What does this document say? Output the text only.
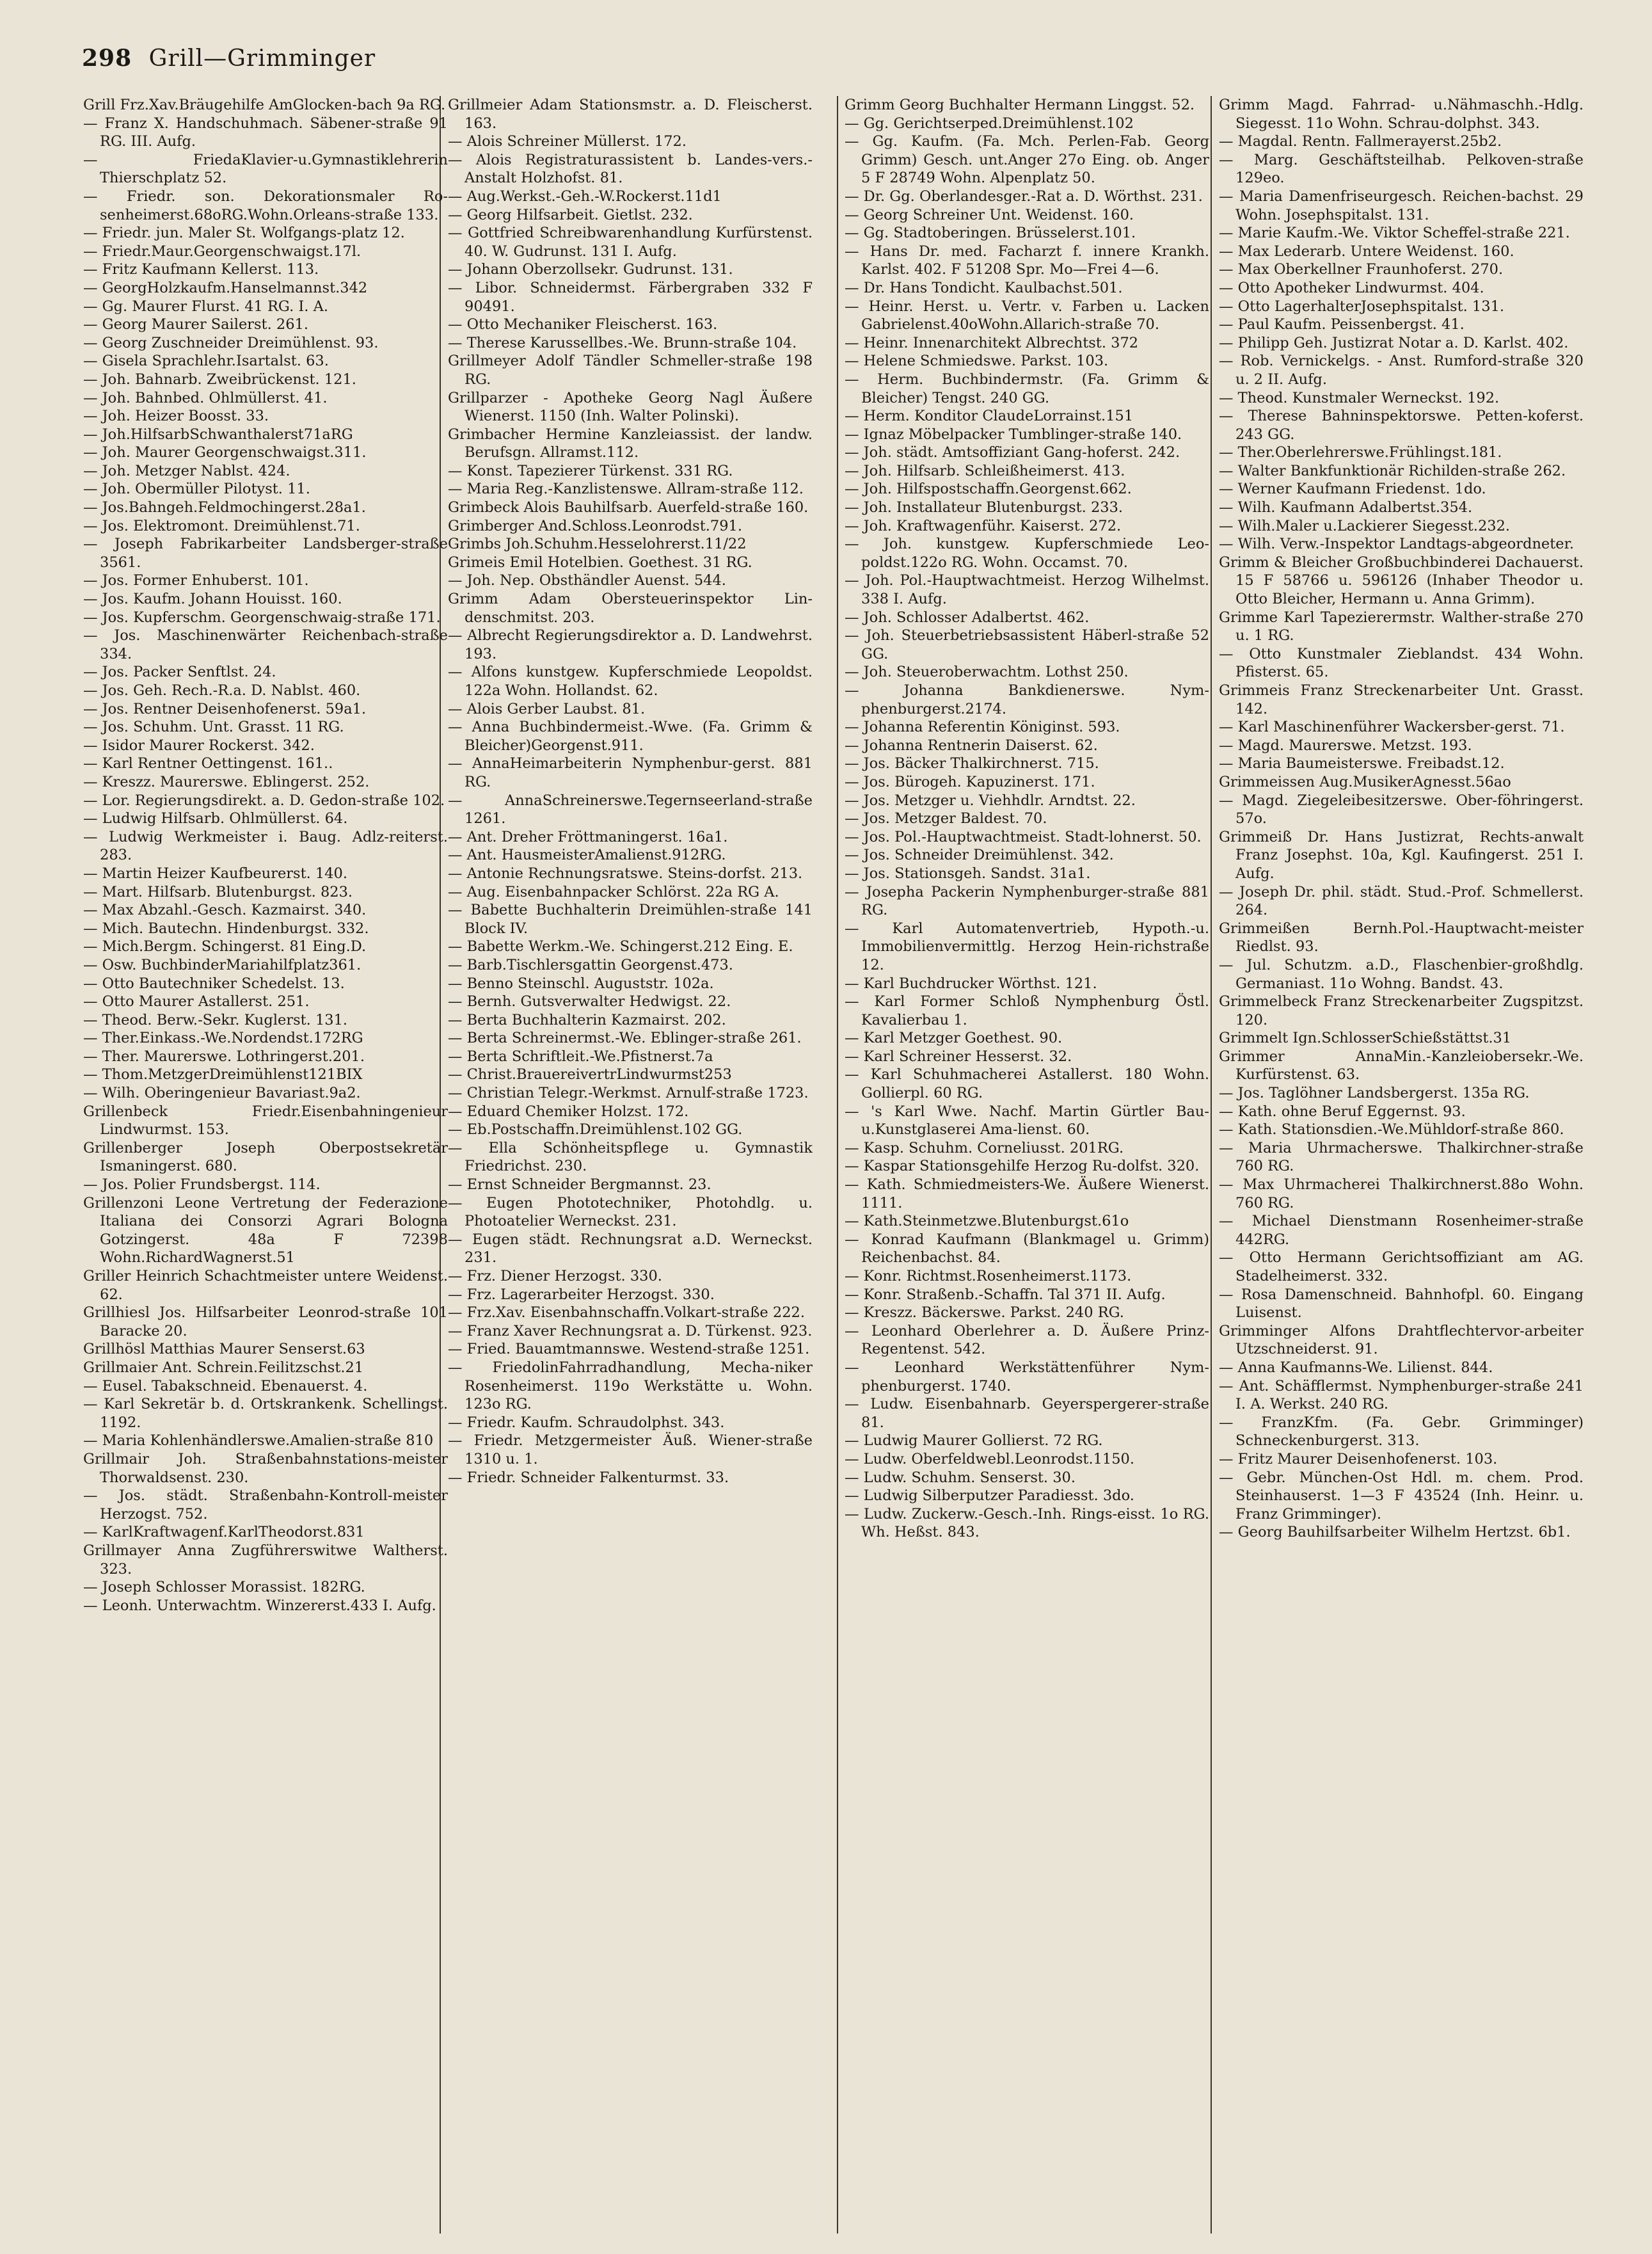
298 Grill—Grimminger
Grill Frz.Xav.Bräugehilfe AmGlocken-bach 9a RG.
— Franz X. Handschuhmach. Säbener-straße 91 RG. III. Aufg.
— FriedaKlavier-u.Gymnastiklehrerin Thierschplatz 52.
— Friedr. son. Dekorationsmaler Ro-senheimerst.68oRG.Wohn.Orleans-straße 133.
— Friedr. jun. Maler St. Wolfgangs-platz 12.
— Friedr.Maur.Georgenschwaigst.17l.
— Fritz Kaufmann Kellerst. 113.
— GeorgHolzkaufm.Hanselmannst.342
— Gg. Maurer Flurst. 41 RG. I. A.
— Georg Maurer Sailerst. 261.
— Georg Zuschneider Dreimühlenst. 93.
— Gisela Sprachlehr.Isartalst. 63.
— Joh. Bahnarb. Zweibrückenst. 121.
— Joh. Bahnbed. Ohlmüllerst. 41.
— Joh. Heizer Boosst. 33.
— Joh.HilfsarbSchwanthalerst71aRG
— Joh. Maurer Georgenschwaigst.311.
— Joh. Metzger Nablst. 424.
— Joh. Obermüller Pilotyst. 11.
— Jos.Bahngeh.Feldmochingerst.28a1.
— Jos. Elektromont. Dreimühlenst.71.
— Joseph Fabrikarbeiter Landsberger-straße 3561.
— Jos. Former Enhuberst. 101.
— Jos. Kaufm. Johann Houisst. 160.
— Jos. Kupferschm. Georgenschwaig-straße 171.
— Jos. Maschinenwärter Reichenbach-straße 334.
— Jos. Packer Senftlst. 24.
— Jos. Geh. Rech.-R.a. D. Nablst. 460.
— Jos. Rentner Deisenhofenerst. 59a1.
— Jos. Schuhm. Unt. Grasst. 11 RG.
— Isidor Maurer Rockerst. 342.
— Karl Rentner Oettingenst. 161..
— Kreszz. Maurerswe. Eblingerst. 252.
— Lor. Regierungsdirekt. a. D. Gedon-straße 102.
— Ludwig Hilfsarb. Ohlmüllerst. 64.
— Ludwig Werkmeister i. Baug. Adlz-reiterst. 283.
— Martin Heizer Kaufbeurerst. 140.
— Mart. Hilfsarb. Blutenburgst. 823.
— Max Abzahl.-Gesch. Kazmairst. 340.
— Mich. Bautechn. Hindenburgst. 332.
— Mich.Bergm. Schingerst. 81 Eing.D.
— Osw. BuchbinderMariahilfplatz361.
— Otto Bautechniker Schedelst. 13.
— Otto Maurer Astallerst. 251.
— Theod. Berw.-Sekr. Kuglerst. 131.
— Ther.Einkass.-We.Nordendst.172RG
— Ther. Maurerswe. Lothringerst.201.
— Thom.MetzgerDreimühlenst121BIX
— Wilh. Oberingenieur Bavariast.9a2.
Grillenbeck Friedr.Eisenbahningenieur Lindwurmst. 153.
Grillenberger Joseph Oberpostsekretär Ismaningerst. 680.
— Jos. Polier Frundsbergst. 114.
Grillenzoni Leone Vertretung der Federazione Italiana dei Consorzi Agrari Bologna Gotzingerst. 48a F 72398 Wohn.RichardWagnerst.51
Griller Heinrich Schachtmeister untere Weidenst. 62.
Grillhiesl Jos. Hilfsarbeiter Leonrod-straße 101 Baracke 20.
Grillhösl Matthias Maurer Senserst.63
Grillmaier Ant. Schrein.Feilitzschst.21
— Eusel. Tabakschneid. Ebenauerst. 4.
— Karl Sekretär b. d. Ortskrankenk. Schellingst. 1192.
— Maria Kohlenhändlerswe.Amalien-straße 810
Grillmair Joh. Straßenbahnstations-meister Thorwaldsenst. 230.
— Jos. städt. Straßenbahn-Kontroll-meister Herzogst. 752.
— KarlKraftwagenf.KarlTheodorst.831
Grillmayer Anna Zugführerswitwe Waltherst. 323.
— Joseph Schlosser Morassist. 182RG.
— Leonh. Unterwachtm. Winzererst.433 I. Aufg.
Grillmeier Adam Stationsmstr. a. D. Fleischerst. 163.
— Alois Schreiner Müllerst. 172.
— Alois Registraturassistent b. Landes-vers.-Anstalt Holzhofst. 81.
— Aug.Werkst.-Geh.-W.Rockerst.11d1
— Georg Hilfsarbeit. Gietlst. 232.
— Gottfried Schreibwarenhandlung Kurfürstenst. 40. W. Gudrunst. 131 I. Aufg.
— Johann Oberzollsekr. Gudrunst. 131.
— Libor. Schneidermst. Färbergraben 332 F 90491.
— Otto Mechaniker Fleischerst. 163.
— Therese Karussellbes.-We. Brunn-straße 104.
Grillmeyer Adolf Tändler Schmeller-straße 198 RG.
Grillparzer - Apotheke Georg Nagl Äußere Wienerst. 1150 (Inh. Walter Polinski).
Grimbacher Hermine Kanzleiassist. der landw. Berufsgn. Allramst.112.
— Konst. Tapezierer Türkenst. 331 RG.
— Maria Reg.-Kanzlistenswe. Allram-straße 112.
Grimbeck Alois Bauhilfsarb. Auerfeld-straße 160.
Grimberger And.Schloss.Leonrodst.791.
Grimbs Joh.Schuhm.Hesselohrerst.11/22
Grimeis Emil Hotelbien. Goethest. 31 RG.
— Joh. Nep. Obsthändler Auenst. 544.
Grimm Adam Obersteuerinspektor Lin-denschmitst. 203.
— Albrecht Regierungsdirektor a. D. Landwehrst. 193.
— Alfons kunstgew. Kupferschmiede Leopoldst. 122a Wohn. Hollandst. 62.
— Alois Gerber Laubst. 81.
— Anna Buchbindermeist.-Wwe. (Fa. Grimm & Bleicher)Georgenst.911.
— AnnaHeimarbeiterin Nymphenbur-gerst. 881 RG.
— AnnaSchreinerswe.Tegernseerland-straße 1261.
— Ant. Dreher Fröttmaningerst. 16a1.
— Ant. HausmeisterAmalienst.912RG.
— Antonie Rechnungsratswe. Steins-dorfst. 213.
— Aug. Eisenbahnpacker Schlörst. 22a RG A.
— Babette Buchhalterin Dreimühlen-straße 141 Block IV.
— Babette Werkm.-We. Schingerst.212 Eing. E.
— Barb.Tischlersgattin Georgenst.473.
— Benno Steinschl. Auguststr. 102a.
— Bernh. Gutsverwalter Hedwigst. 22.
— Berta Buchhalterin Kazmairst. 202.
— Berta Schreinermst.-We. Eblinger-straße 261.
— Berta Schriftleit.-We.Pfistnerst.7a
— Christ.BrauereivertrLindwurmst253
— Christian Telegr.-Werkmst. Arnulf-straße 1723.
— Eduard Chemiker Holzst. 172.
— Eb.Postschaffn.Dreimühlenst.102 GG.
— Ella Schönheitspflege u. Gymnastik Friedrichst. 230.
— Ernst Schneider Bergmannst. 23.
— Eugen Phototechniker, Photohdlg. u. Photoatelier Werneckst. 231.
— Eugen städt. Rechnungsrat a.D. Werneckst. 231.
— Frz. Diener Herzogst. 330.
— Frz. Lagerarbeiter Herzogst. 330.
— Frz.Xav. Eisenbahnschaffn.Volkart-straße 222.
— Franz Xaver Rechnungsrat a. D. Türkenst. 923.
— Fried. Bauamtmannswe. Westend-straße 1251.
— FriedolinFahrradhandlung, Mecha-niker Rosenheimerst. 119o Werkstätte u. Wohn. 123o RG.
— Friedr. Kaufm. Schraudolphst. 343.
— Friedr. Metzgermeister Äuß. Wiener-straße 1310 u. 1.
— Friedr. Schneider Falkenturmst. 33.
Grimm Georg Buchhalter Hermann Linggst. 52.
— Gg. Gerichtserped.Dreimühlenst.102
— Gg. Kaufm. (Fa. Mch. Perlen-Fab. Georg Grimm) Gesch. unt.Anger 27o Eing. ob. Anger 5 F 28749 Wohn. Alpenplatz 50.
— Dr. Gg. Oberlandesger.-Rat a. D. Wörthst. 231.
— Georg Schreiner Unt. Weidenst. 160.
— Gg. Stadtoberingen. Brüsselerst.101.
— Hans Dr. med. Facharzt f. innere Krankh. Karlst. 402. F 51208 Spr. Mo—Frei 4—6.
— Dr. Hans Tondicht. Kaulbachst.501.
— Heinr. Herst. u. Vertr. v. Farben u. Lacken Gabrielenst.40oWohn.Allarich-straße 70.
— Heinr. Innenarchitekt Albrechtst. 372
— Helene Schmiedswe. Parkst. 103.
— Herm. Buchbindermstr. (Fa. Grimm & Bleicher) Tengst. 240 GG.
— Herm. Konditor ClaudeLorrainst.151
— Ignaz Möbelpacker Tumblinger-straße 140.
— Joh. städt. Amtsoffiziant Gang-hoferst. 242.
— Joh. Hilfsarb. Schleißheimerst. 413.
— Joh. Hilfspostschaffn.Georgenst.662.
— Joh. Installateur Blutenburgst. 233.
— Joh. Kraftwagenführ. Kaiserst. 272.
— Joh. kunstgew. Kupferschmiede Leo-poldst.122o RG. Wohn. Occamst. 70.
— Joh. Pol.-Hauptwachtmeist. Herzog Wilhelmst. 338 I. Aufg.
— Joh. Schlosser Adalbertst. 462.
— Joh. Steuerbetriebsassistent Häberl-straße 52 GG.
— Joh. Steueroberwachtm. Lothst 250.
— Johanna Bankdienerswe. Nym-phenburgerst.2174.
— Johanna Referentin Königinst. 593.
— Johanna Rentnerin Daiserst. 62.
— Jos. Bäcker Thalkirchnerst. 715.
— Jos. Bürogeh. Kapuzinerst. 171.
— Jos. Metzger u. Viehhdlr. Arndtst. 22.
— Jos. Metzger Baldest. 70.
— Jos. Pol.-Hauptwachtmeist. Stadt-lohnerst. 50.
— Jos. Schneider Dreimühlenst. 342.
— Jos. Stationsgeh. Sandst. 31a1.
— Josepha Packerin Nymphenburger-straße 881 RG.
— Karl Automatenvertrieb, Hypoth.-u. Immobilienvermittlg. Herzog Hein-richstraße 12.
— Karl Buchdrucker Wörthst. 121.
— Karl Former Schloß Nymphenburg Östl. Kavalierbau 1.
— Karl Metzger Goethest. 90.
— Karl Schreiner Hesserst. 32.
— Karl Schuhmacherei Astallerst. 180 Wohn. Gollierpl. 60 RG.
— 's Karl Wwe. Nachf. Martin Gürtler Bau- u.Kunstglaserei Ama-lienst. 60.
— Kasp. Schuhm. Corneliusst. 201RG.
— Kaspar Stationsgehilfe Herzog Ru-dolfst. 320.
— Kath. Schmiedmeisters-We. Äußere Wienerst. 1111.
— Kath.Steinmetzwe.Blutenburgst.61o
— Konrad Kaufmann (Blankmagel u. Grimm) Reichenbachst. 84.
— Konr. Richtmst.Rosenheimerst.1173.
— Konr. Straßenb.-Schaffn. Tal 371 II. Aufg.
— Kreszz. Bäckerswe. Parkst. 240 RG.
— Leonhard Oberlehrer a. D. Äußere Prinz-Regentenst. 542.
— Leonhard Werkstättenführer Nym-phenburgerst. 1740.
— Ludw. Eisenbahnarb. Geyerspergerer-straße 81.
— Ludwig Maurer Gollierst. 72 RG.
— Ludw. Oberfeldwebl.Leonrodst.1150.
— Ludw. Schuhm. Senserst. 30.
— Ludwig Silberputzer Paradiesst. 3do.
— Ludw. Zuckerw.-Gesch.-Inh. Rings-eisst. 1o RG. Wh. Heßst. 843.
Grimm Magd. Fahrrad- u.Nähmaschh.-Hdlg. Siegesst. 11o Wohn. Schrau-dolphst. 343.
— Magdal. Rentn. Fallmerayerst.25b2.
— Marg. Geschäftsteilhab. Pelkoven-straße 129eo.
— Maria Damenfriseurgesch. Reichen-bachst. 29 Wohn. Josephspitalst. 131.
— Marie Kaufm.-We. Viktor Scheffel-straße 221.
— Max Lederarb. Untere Weidenst. 160.
— Max Oberkellner Fraunhoferst. 270.
— Otto Apotheker Lindwurmst. 404.
— Otto LagerhalterJosephspitalst. 131.
— Paul Kaufm. Peissenbergst. 41.
— Philipp Geh. Justizrat Notar a. D. Karlst. 402.
— Rob. Vernickelgs. - Anst. Rumford-straße 320 u. 2 II. Aufg.
— Theod. Kunstmaler Werneckst. 192.
— Therese Bahninspektorswe. Petten-koferst. 243 GG.
— Ther.Oberlehrerswe.Frühlingst.181.
— Walter Bankfunktionär Richilden-straße 262.
— Werner Kaufmann Friedenst. 1do.
— Wilh. Kaufmann Adalbertst.354.
— Wilh.Maler u.Lackierer Siegesst.232.
— Wilh. Verw.-Inspektor Landtags-abgeordneter.
Grimm & Bleicher Großbuchbinderei Dachauerst. 15 F 58766 u. 596126 (Inhaber Theodor u. Otto Bleicher, Hermann u. Anna Grimm).
Grimme Karl Tapezierermstr. Walther-straße 270 u. 1 RG.
— Otto Kunstmaler Zieblandst. 434 Wohn. Pfisterst. 65.
Grimmeis Franz Streckenarbeiter Unt. Grasst. 142.
— Karl Maschinenführer Wackersber-gerst. 71.
— Magd. Maurerswe. Metzst. 193.
— Maria Baumeisterswe. Freibadst.12.
Grimmeissen Aug.MusikerAgnesst.56ao
— Magd. Ziegeleibesitzerswe. Ober-föhringerst. 57o.
Grimmeiß Dr. Hans Justizrat, Rechts-anwalt Franz Josephst. 10a, Kgl. Kaufingerst. 251 I. Aufg.
— Joseph Dr. phil. städt. Stud.-Prof. Schmellerst. 264.
Grimmeißen Bernh.Pol.-Hauptwacht-meister Riedlst. 93.
— Jul. Schutzm. a.D., Flaschenbier-großhdlg. Germaniast. 11o Wohng. Bandst. 43.
Grimmelbeck Franz Streckenarbeiter Zugspitzst. 120.
Grimmelt Ign.SchlosserSchießstättst.31
Grimmer AnnaMin.-Kanzleiobersekr.-We. Kurfürstenst. 63.
— Jos. Taglöhner Landsbergerst. 135a RG.
— Kath. ohne Beruf Eggernst. 93.
— Kath. Stationsdien.-We.Mühldorf-straße 860.
— Maria Uhrmacherswe. Thalkirchner-straße 760 RG.
— Max Uhrmacherei Thalkirchnerst.88o Wohn. 760 RG.
— Michael Dienstmann Rosenheimer-straße 442RG.
— Otto Hermann Gerichtsoffiziant am AG. Stadelheimerst. 332.
— Rosa Damenschneid. Bahnhofpl. 60. Eingang Luisenst.
Grimminger Alfons Drahtflechtervor-arbeiter Utzschneiderst. 91.
— Anna Kaufmanns-We. Lilienst. 844.
— Ant. Schäfflermst. Nymphenburger-straße 241 I. A. Werkst. 240 RG.
— FranzKfm. (Fa. Gebr. Grimminger) Schneckenburgerst. 313.
— Fritz Maurer Deisenhofenerst. 103.
— Gebr. München-Ost Hdl. m. chem. Prod. Steinhauserst. 1—3 F 43524 (Inh. Heinr. u. Franz Grimminger).
— Georg Bauhilfsarbeiter Wilhelm Hertzst. 6b1.
